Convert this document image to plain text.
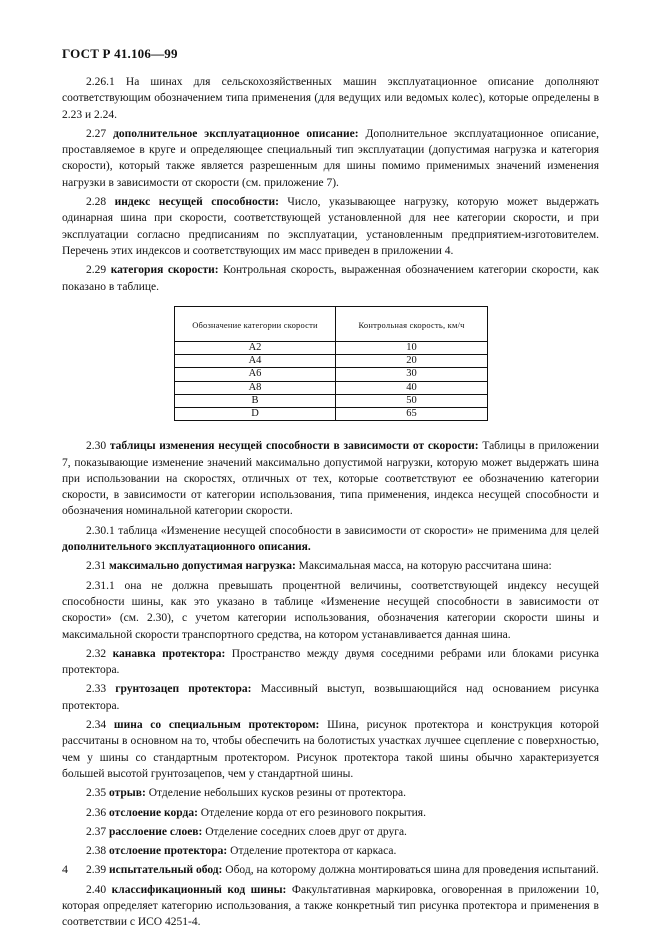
ГОСТ Р 41.106—99

2.26.1 На шинах для сельскохозяйственных машин эксплуатационное описание дополняют соответствующим обозначением типа применения (для ведущих или ведомых колес), которые определены в 2.23 и 2.24.

2.27 дополнительное эксплуатационное описание: Дополнительное эксплуатационное описание, проставляемое в круге и определяющее специальный тип эксплуатации (допустимая нагрузка и категория скорости), который также является разрешенным для шины помимо применимых значений изменения нагрузки в зависимости от скорости (см. приложение 7).

2.28 индекс несущей способности: Число, указывающее нагрузку, которую может выдержать одинарная шина при скорости, соответствующей установленной для нее категории скорости, и при эксплуатации согласно предписаниям по эксплуатации, установленным предприятием-изготовителем. Перечень этих индексов и соответствующих им масс приведен в приложении 4.

2.29 категория скорости: Контрольная скорость, выраженная обозначением категории скорости, как показано в таблице.

Обозначение категории скорости	Контрольная скорость, км/ч
A2	10
A4	20
A6	30
A8	40
B	50
D	65

2.30 таблицы изменения несущей способности в зависимости от скорости: Таблицы в приложении 7, показывающие изменение значений максимально допустимой нагрузки, которую может выдержать шина при использовании на скоростях, отличных от тех, которые соответствуют ее обозначению категории скорости, в зависимости от категории использования, типа применения, индекса несущей способности и обозначения номинальной категории скорости.

2.30.1 таблица «Изменение несущей способности в зависимости от скорости» не применима для целей дополнительного эксплуатационного описания.

2.31 максимально допустимая нагрузка: Максимальная масса, на которую рассчитана шина:

2.31.1 она не должна превышать процентной величины, соответствующей индексу несущей способности шины, как это указано в таблице «Изменение несущей способности в зависимости от скорости» (см. 2.30), с учетом категории использования, обозначения категории скорости шины и максимальной скорости транспортного средства, на котором устанавливается данная шина.

2.32 канавка протектора: Пространство между двумя соседними ребрами или блоками рисунка протектора.

2.33 грунтозацеп протектора: Массивный выступ, возвышающийся над основанием рисунка протектора.

2.34 шина со специальным протектором: Шина, рисунок протектора и конструкция которой рассчитаны в основном на то, чтобы обеспечить на болотистых участках лучшее сцепление с поверхностью, чем у шины со стандартным протектором. Рисунок протектора такой шины обычно характеризуется большей высотой грунтозацепов, чем у стандартной шины.

2.35 отрыв: Отделение небольших кусков резины от протектора.

2.36 отслоение корда: Отделение корда от его резинового покрытия.

2.37 расслоение слоев: Отделение соседних слоев друг от друга.

2.38 отслоение протектора: Отделение протектора от каркаса.

2.39 испытательный обод: Обод, на которому должна монтироваться шина для проведения испытаний.

2.40 классификационный код шины: Факультативная маркировка, оговоренная в приложении 10, которая определяет категорию использования, а также конкретный тип рисунка протектора и применения в соответствии с ИСО 4251-4.

4
